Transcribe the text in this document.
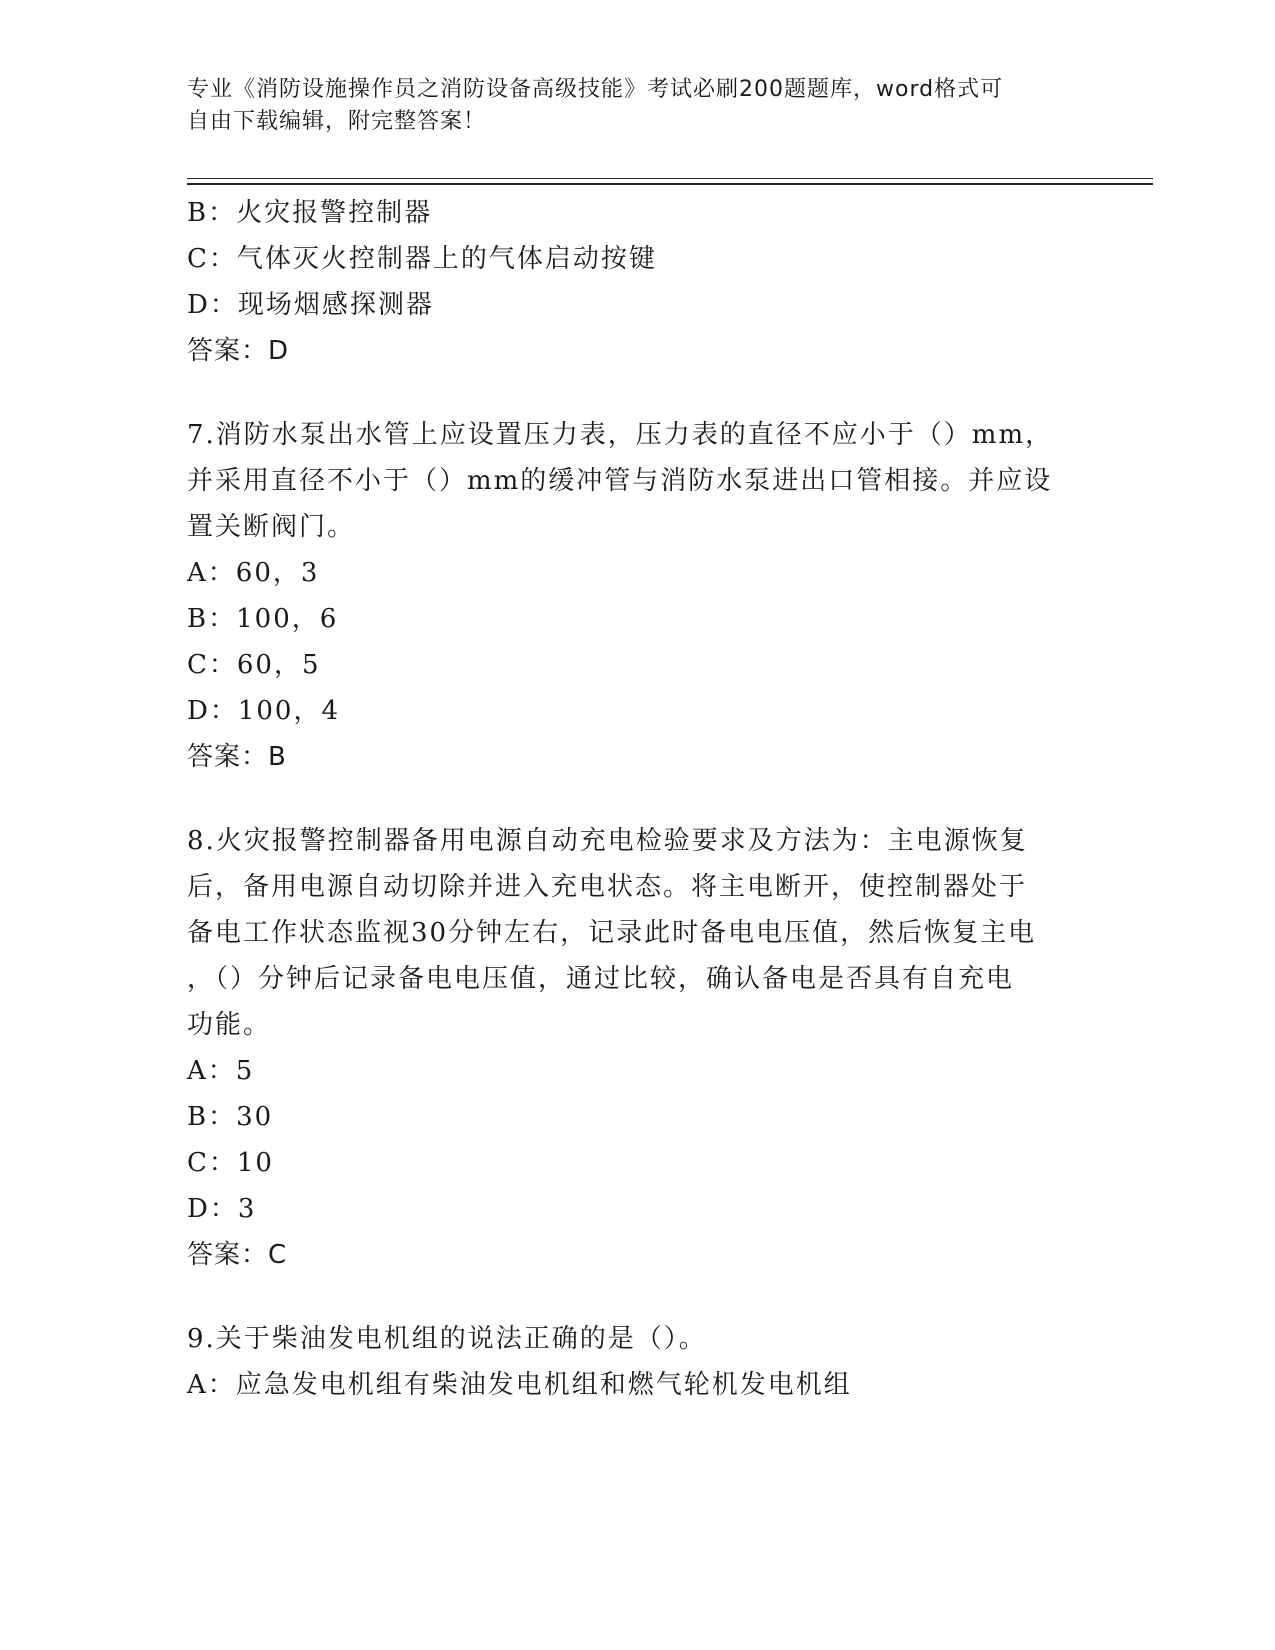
专业《消防设施操作员之消防设备高级技能》考试必刷200题题库，word格式可
自由下载编辑，附完整答案！
B：火灾报警控制器
C：气体灭火控制器上的气体启动按键
D：现场烟感探测器
答案：D
7.消防水泵出水管上应设置压力表，压力表的直径不应小于（）mm，
并采用直径不小于（）mm的缓冲管与消防水泵进出口管相接。并应设
置关断阀门。
A：60，3
B：100，6
C：60，5
D：100，4
答案：B
8.火灾报警控制器备用电源自动充电检验要求及方法为：主电源恢复
后，备用电源自动切除并进入充电状态。将主电断开，使控制器处于
备电工作状态监视30分钟左右，记录此时备电电压值，然后恢复主电
，（）分钟后记录备电电压值，通过比较，确认备电是否具有自充电
功能。
A：5
B：30
C：10
D：3
答案：C
9.关于柴油发电机组的说法正确的是（）。
A：应急发电机组有柴油发电机组和燃气轮机发电机组
